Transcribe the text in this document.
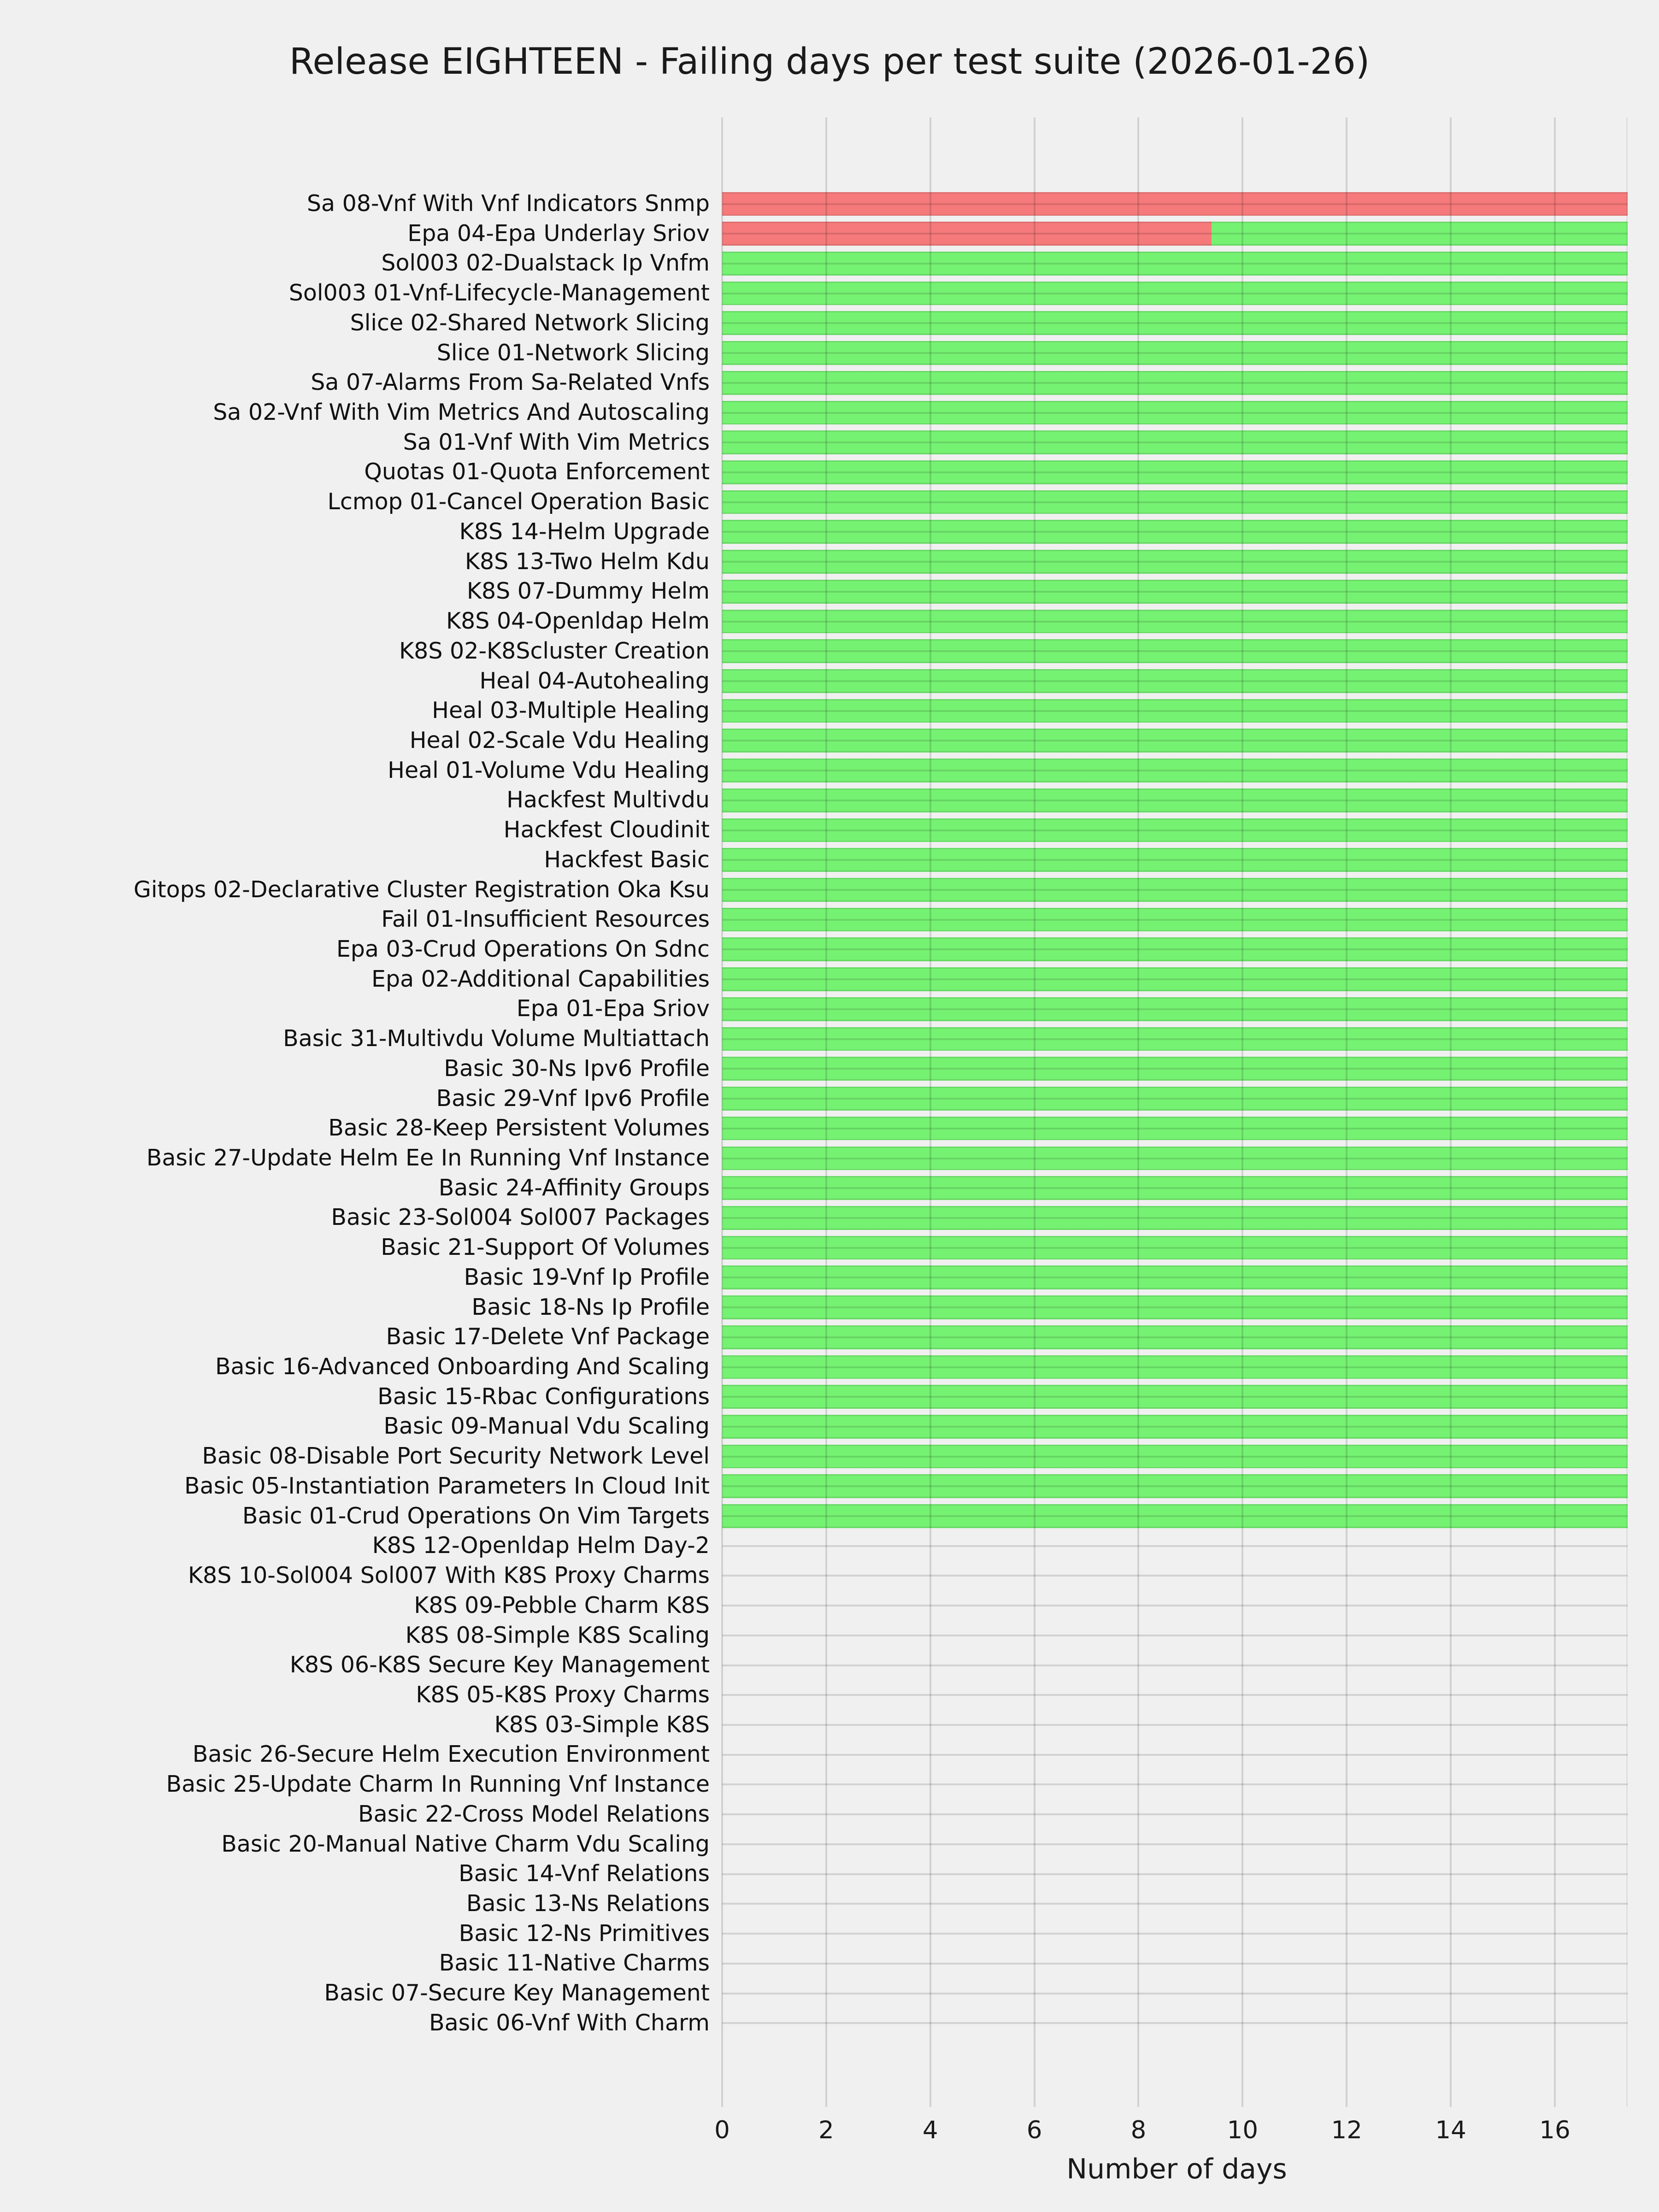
Release EIGHTEEN - Failing days per test suite (2026-01-26)
Sa 08-Vnf With Vnf Indicators Snmp
Epa 04-Epa Underlay Sriov
Sol003 02-Dualstack Ip Vnfm
Sol003 01-Vnf-Lifecycle-Management
Slice 02-Shared Network Slicing
Slice 01-Network Slicing
Sa 07-Alarms From Sa-Related Vnfs
Sa 02-Vnf With Vim Metrics And Autoscaling
Sa 01-Vnf With Vim Metrics
Quotas 01-Quota Enforcement
Lcmop 01-Cancel Operation Basic
K8S 14-Helm Upgrade
K8S 13-Two Helm Kdu
K8S 07-Dummy Helm
K8S 04-Openldap Helm
K8S 02-K8Scluster Creation
Heal 04-Autohealing
Heal 03-Multiple Healing
Heal 02-Scale Vdu Healing
Heal 01-Volume Vdu Healing
Hackfest Multivdu
Hackfest Cloudinit
Hackfest Basic
Gitops 02-Declarative Cluster Registration Oka Ksu
Fail 01-Insufficient Resources
Epa 03-Crud Operations On Sdnc
Epa 02-Additional Capabilities
Epa 01-Epa Sriov
Basic 31-Multivdu Volume Multiattach
Basic 30-Ns Ipv6 Profile
Basic 29-Vnf Ipv6 Profile
Basic 28-Keep Persistent Volumes
Basic 27-Update Helm Ee In Running Vnf Instance
Basic 24-Affinity Groups
Basic 23-Sol004 Sol007 Packages
Basic 21-Support Of Volumes
Basic 19-Vnf Ip Profile
Basic 18-Ns Ip Profile
Basic 17-Delete Vnf Package
Basic 16-Advanced Onboarding And Scaling
Basic 15-Rbac Configurations
Basic 09-Manual Vdu Scaling
Basic 08-Disable Port Security Network Level
Basic 05-Instantiation Parameters In Cloud Init
Basic 01-Crud Operations On Vim Targets
K8S 12-Openldap Helm Day-2
K8S 10-Sol004 Sol007 With K8S Proxy Charms
K8S 09-Pebble Charm K8S
K8S 08-Simple K8S Scaling
K8S 06-K8S Secure Key Management
K8S 05-K8S Proxy Charms
K8S 03-Simple K8S
Basic 26-Secure Helm Execution Environment
Basic 25-Update Charm In Running Vnf Instance
Basic 22-Cross Model Relations
Basic 20-Manual Native Charm Vdu Scaling
Basic 14-Vnf Relations
Basic 13-Ns Relations
Basic 12-Ns Primitives
Basic 11-Native Charms
Basic 07-Secure Key Management
Basic 06-Vnf With Charm
0	2	4	6	8	10	12	14	16
Number of days
